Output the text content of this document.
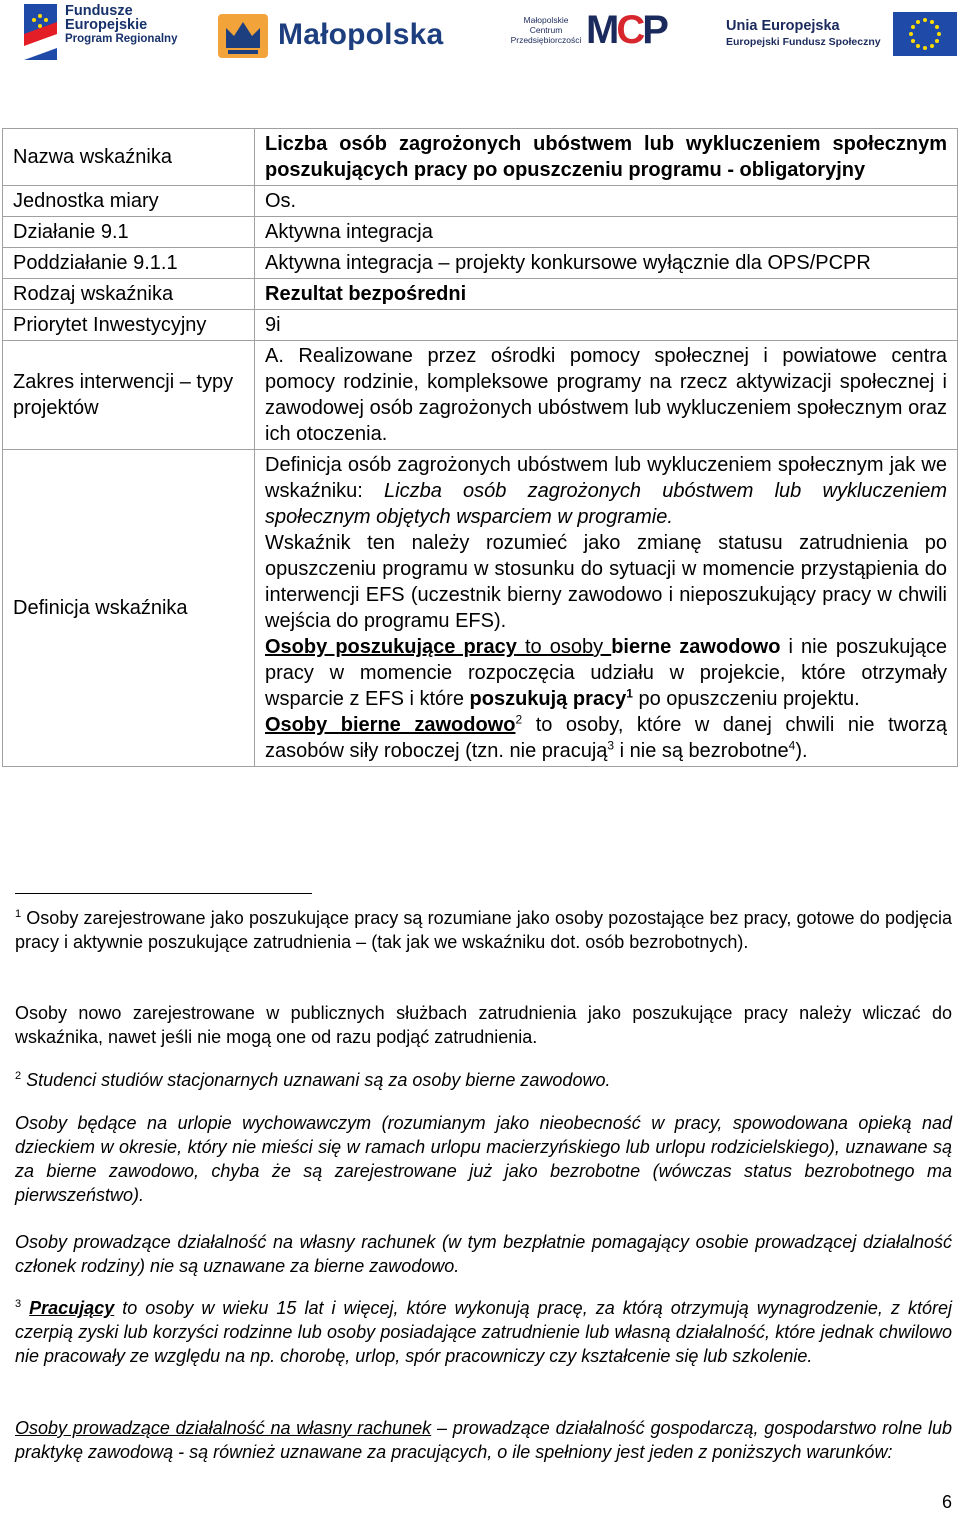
Fundusze
Europejskie
Program Regionalny	Małopolska	Małopolskie Centrum Przedsiębiorczości MCP	Unia Europejska
Europejski Fundusz Społeczny
Nazwa wskaźnika	Liczba osób zagrożonych ubóstwem lub wykluczeniem społecznym poszukujących pracy po opuszczeniu programu - obligatoryjny
Jednostka miary	Os.
Działanie 9.1	Aktywna integracja
Poddziałanie 9.1.1	Aktywna integracja – projekty konkursowe wyłącznie dla OPS/PCPR
Rodzaj wskaźnika	Rezultat bezpośredni
Priorytet Inwestycyjny	9i
Zakres interwencji – typy projektów	A. Realizowane przez ośrodki pomocy społecznej i powiatowe centra pomocy rodzinie, kompleksowe programy na rzecz aktywizacji społecznej i zawodowej osób zagrożonych ubóstwem lub wykluczeniem społecznym oraz ich otoczenia.
Definicja wskaźnika	Definicja osób zagrożonych ubóstwem lub wykluczeniem społecznym jak we wskaźniku: Liczba osób zagrożonych ubóstwem lub wykluczeniem społecznym objętych wsparciem w programie.
Wskaźnik ten należy rozumieć jako zmianę statusu zatrudnienia po opuszczeniu programu w stosunku do sytuacji w momencie przystąpienia do interwencji EFS (uczestnik bierny zawodowo i nieposzukujący pracy w chwili wejścia do programu EFS).
Osoby poszukujące pracy to osoby bierne zawodowo i nie poszukujące pracy w momencie rozpoczęcia udziału w projekcie, które otrzymały wsparcie z EFS i które poszukują pracy$^1$ po opuszczeniu projektu.
Osoby bierne zawodowo$^2$ to osoby, które w danej chwili nie tworzą zasobów siły roboczej (tzn. nie pracują$^3$ i nie są bezrobotne$^4$).
$^1$ Osoby zarejestrowane jako poszukujące pracy są rozumiane jako osoby pozostające bez pracy, gotowe do podjęcia pracy i aktywnie poszukujące zatrudnienia – (tak jak we wskaźniku dot. osób bezrobotnych).
Osoby nowo zarejestrowane w publicznych służbach zatrudnienia jako poszukujące pracy należy wliczać do wskaźnika, nawet jeśli nie mogą one od razu podjąć zatrudnienia.
$^2$ Studenci studiów stacjonarnych uznawani są za osoby bierne zawodowo.
Osoby będące na urlopie wychowawczym (rozumianym jako nieobecność w pracy, spowodowana opieką nad dzieckiem w okresie, który nie mieści się w ramach urlopu macierzyńskiego lub urlopu rodzicielskiego), uznawane są za bierne zawodowo, chyba że są zarejestrowane już jako bezrobotne (wówczas status bezrobotnego ma pierwszeństwo).
Osoby prowadzące działalność na własny rachunek (w tym bezpłatnie pomagający osobie prowadzącej działalność członek rodziny) nie są uznawane za bierne zawodowo.
$^3$ Pracujący to osoby w wieku 15 lat i więcej, które wykonują pracę, za którą otrzymują wynagrodzenie, z której czerpią zyski lub korzyści rodzinne lub osoby posiadające zatrudnienie lub własną działalność, które jednak chwilowo nie pracowały ze względu na np. chorobę, urlop, spór pracowniczy czy kształcenie się lub szkolenie.
Osoby prowadzące działalność na własny rachunek – prowadzące działalność gospodarczą, gospodarstwo rolne lub praktykę zawodową - są również uznawane za pracujących, o ile spełniony jest jeden z poniższych warunków:
6
